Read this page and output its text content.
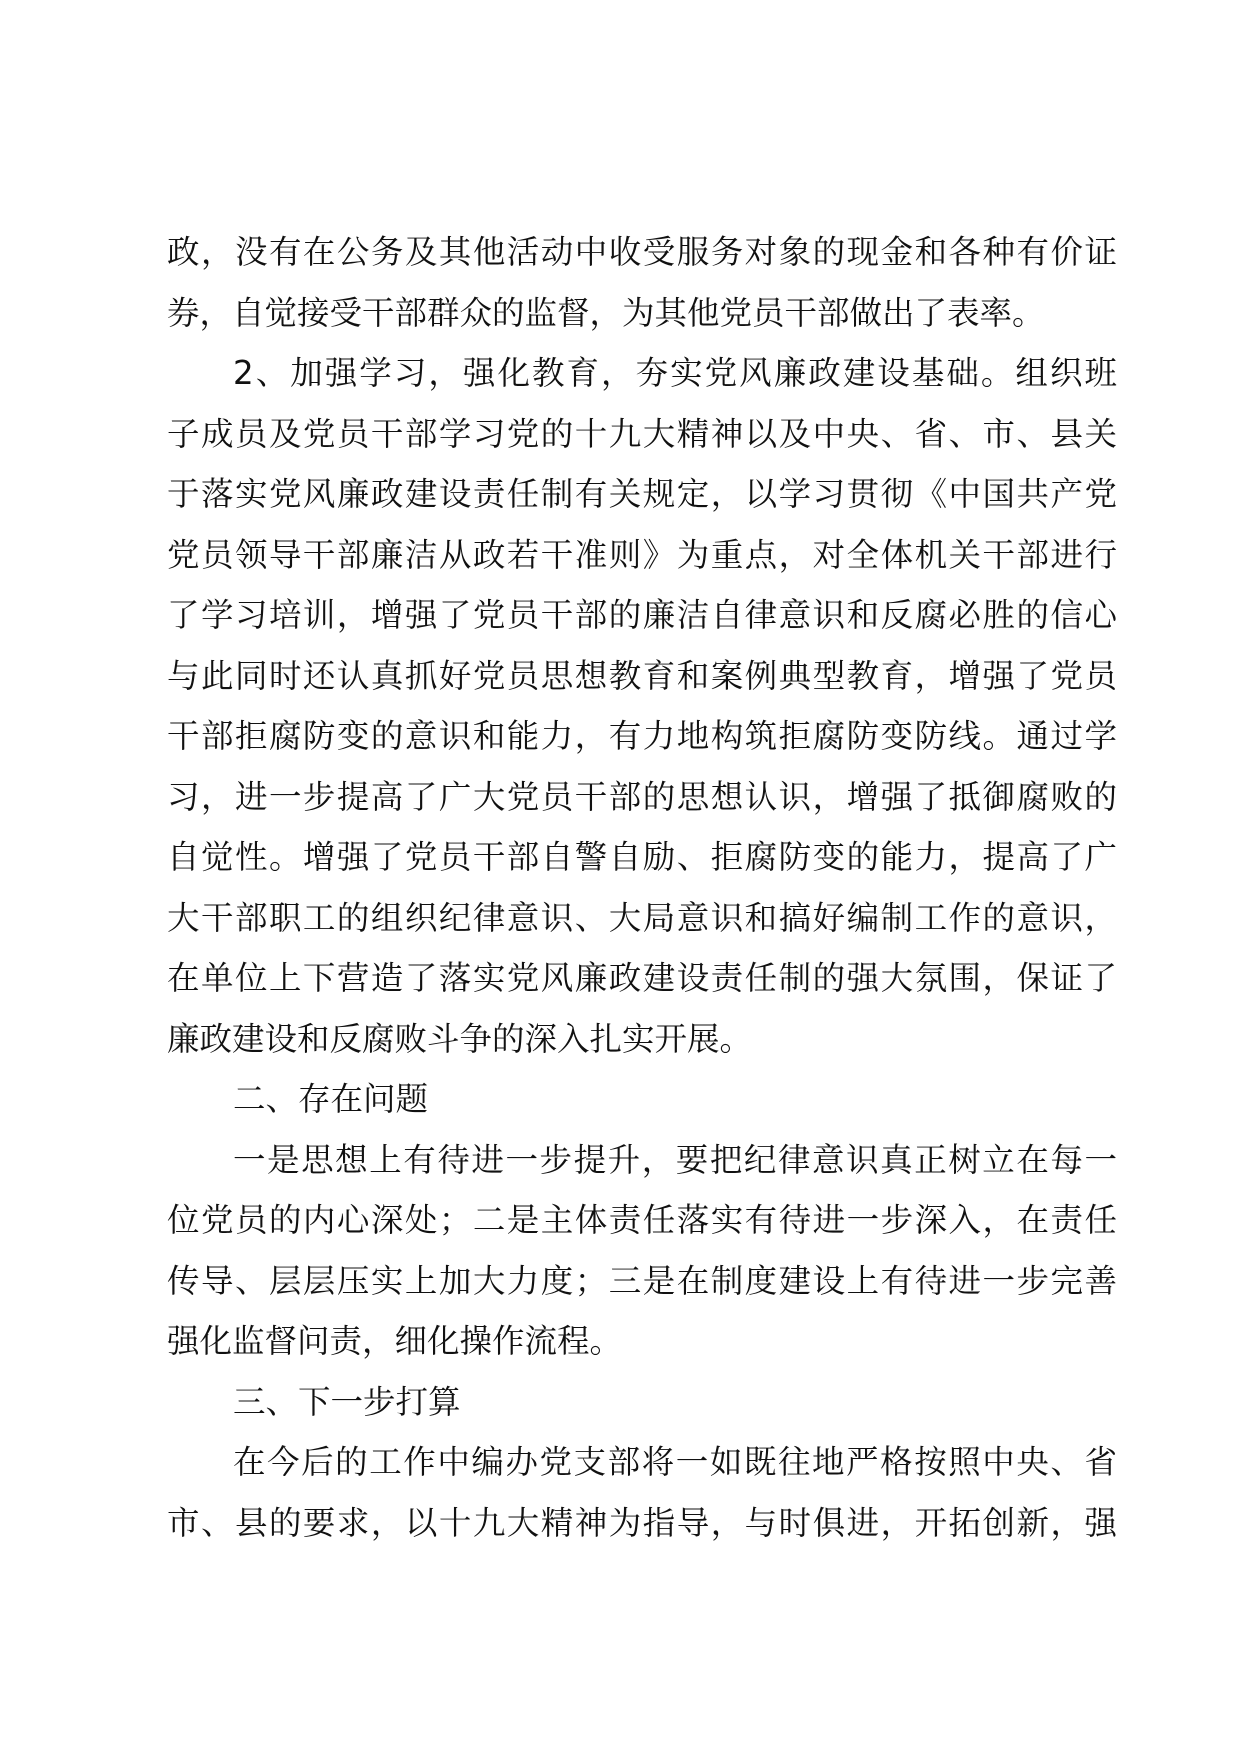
政，没有在公务及其他活动中收受服务对象的现金和各种有价证
券，自觉接受干部群众的监督，为其他党员干部做出了表率。
2、加强学习，强化教育，夯实党风廉政建设基础。组织班
子成员及党员干部学习党的十九大精神以及中央、省、市、县关
于落实党风廉政建设责任制有关规定，以学习贯彻《中国共产党
党员领导干部廉洁从政若干准则》为重点，对全体机关干部进行
了学习培训，增强了党员干部的廉洁自律意识和反腐必胜的信心
与此同时还认真抓好党员思想教育和案例典型教育，增强了党员
干部拒腐防变的意识和能力，有力地构筑拒腐防变防线。通过学
习，进一步提高了广大党员干部的思想认识，增强了抵御腐败的
自觉性。增强了党员干部自警自励、拒腐防变的能力，提高了广
大干部职工的组织纪律意识、大局意识和搞好编制工作的意识，
在单位上下营造了落实党风廉政建设责任制的强大氛围，保证了
廉政建设和反腐败斗争的深入扎实开展。
二、存在问题
一是思想上有待进一步提升，要把纪律意识真正树立在每一
位党员的内心深处；二是主体责任落实有待进一步深入，在责任
传导、层层压实上加大力度；三是在制度建设上有待进一步完善
强化监督问责，细化操作流程。
三、下一步打算
在今后的工作中编办党支部将一如既往地严格按照中央、省
市、县的要求，以十九大精神为指导，与时俱进，开拓创新，强
